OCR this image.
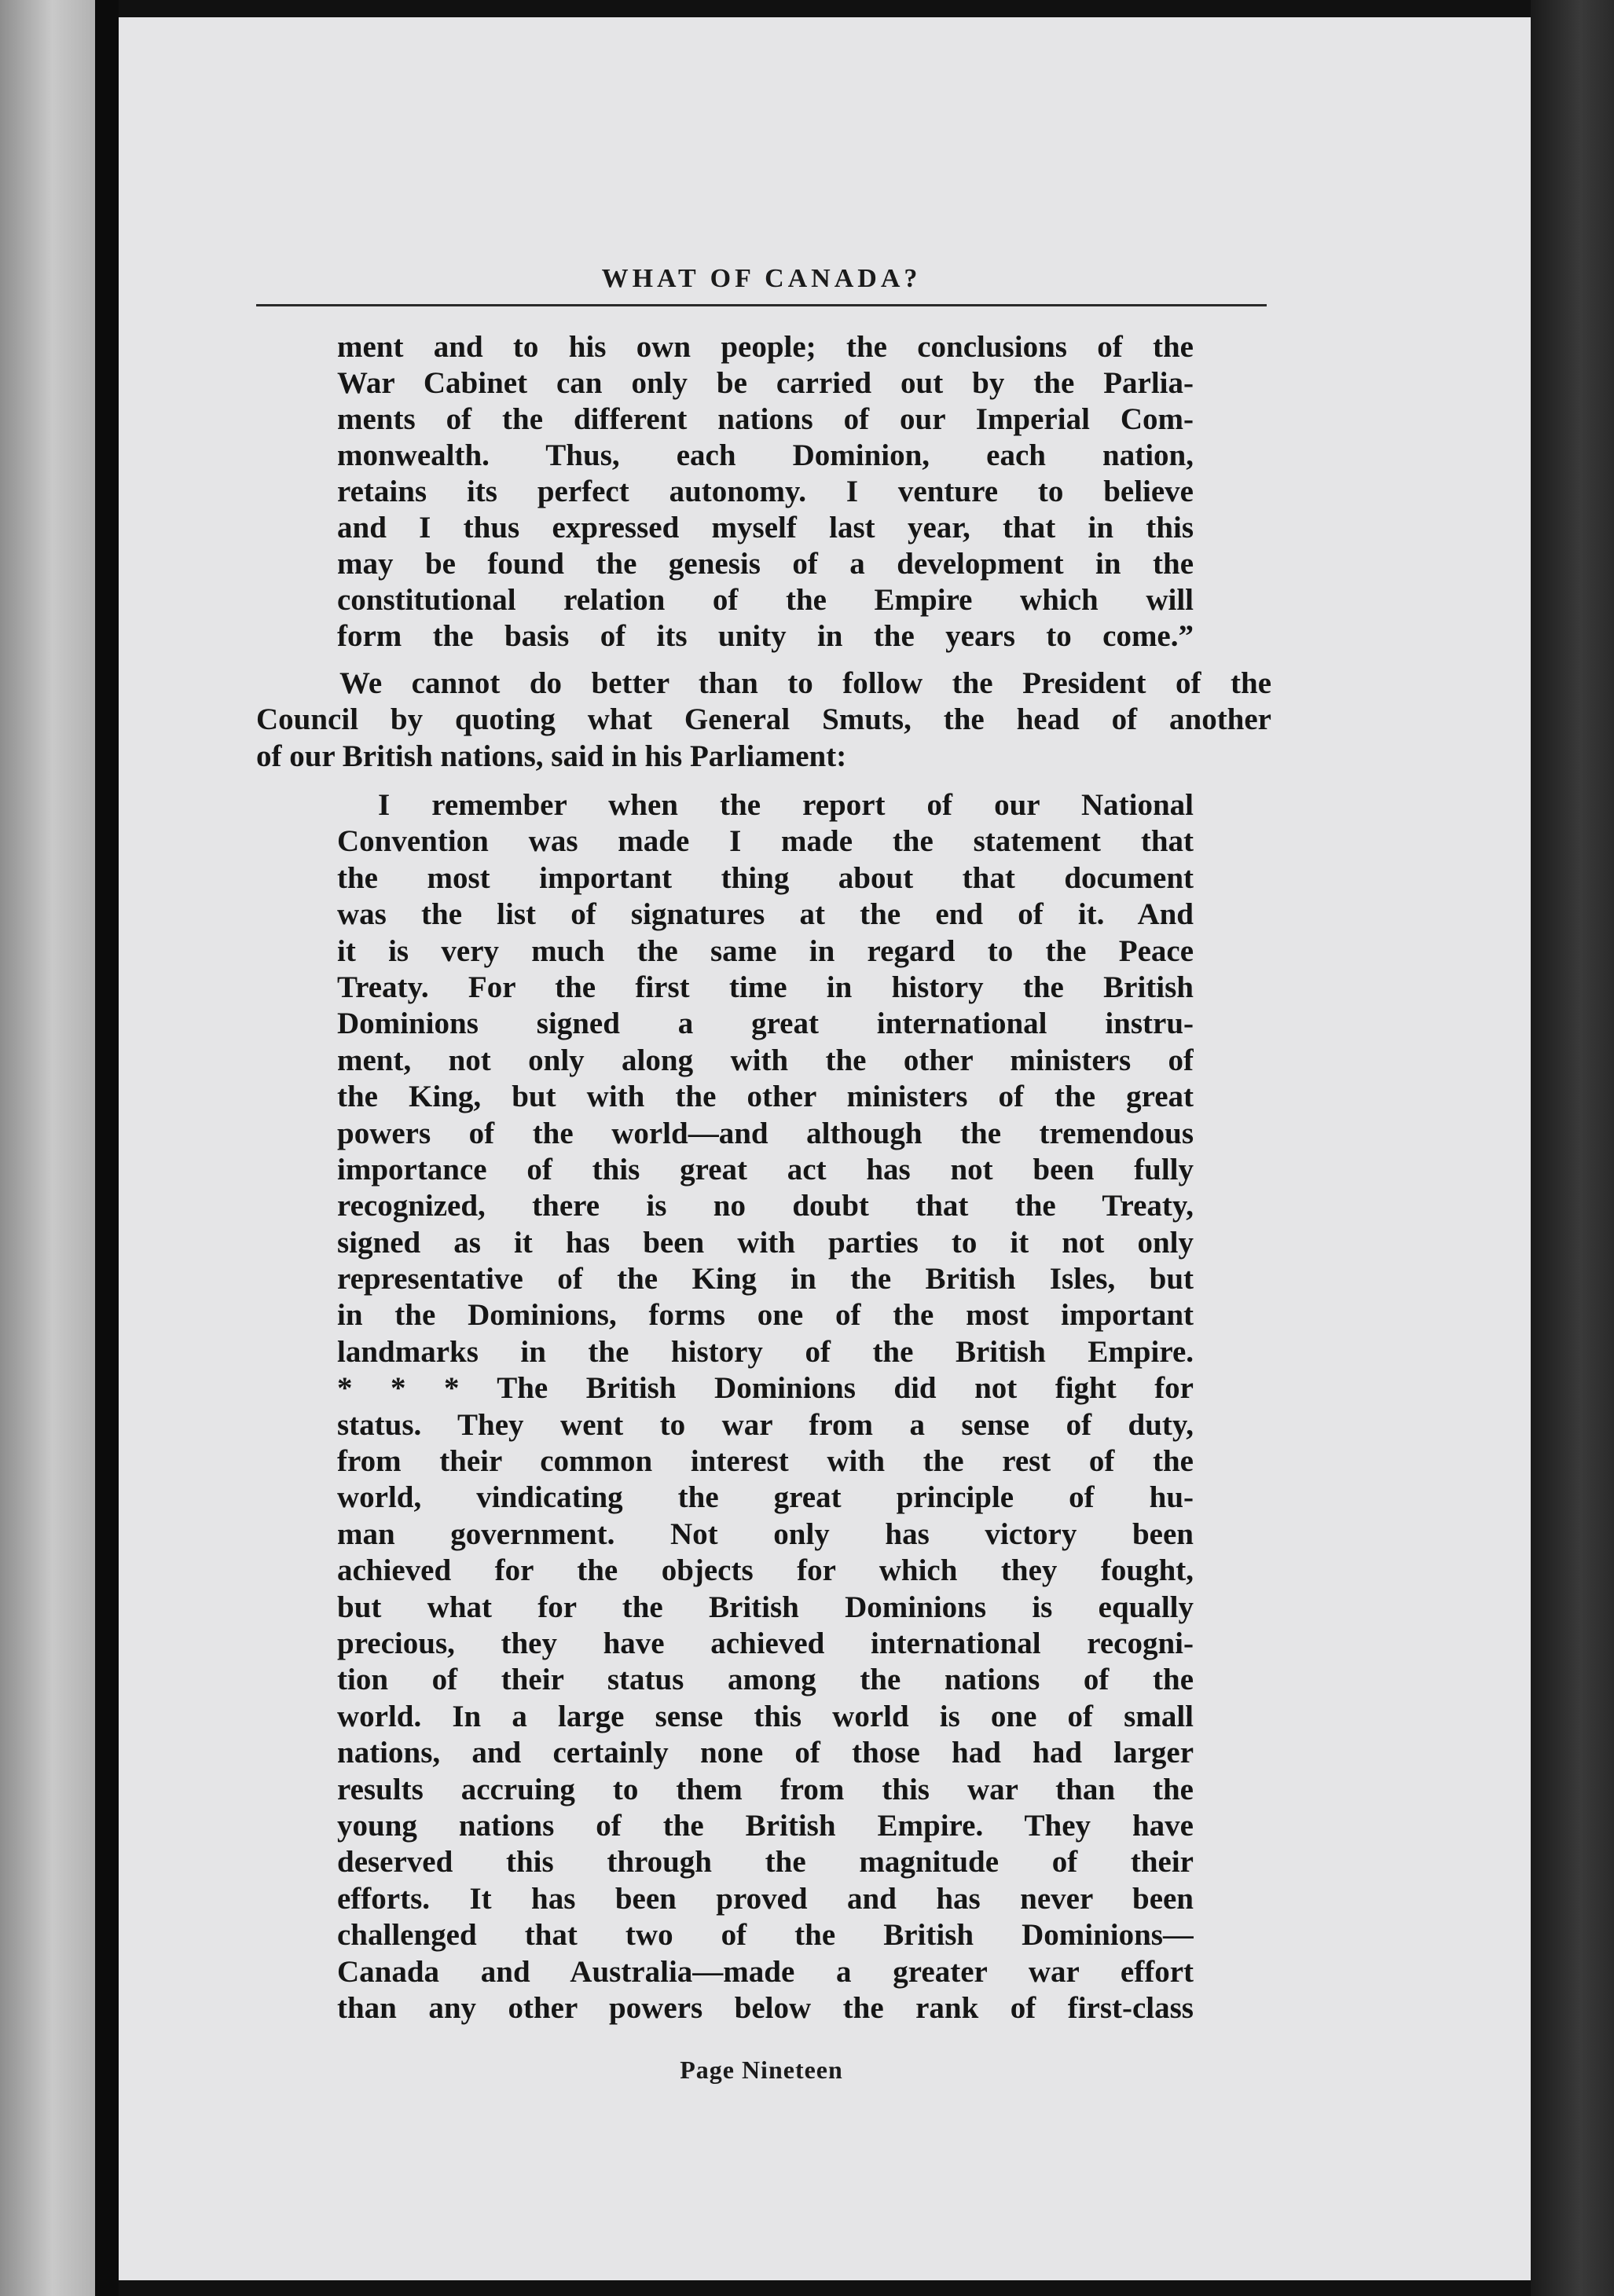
WHAT OF CANADA?
ment and to his own people; the conclusions of the
War Cabinet can only be carried out by the Parlia-
ments of the different nations of our Imperial Com-
monwealth. Thus, each Dominion, each nation,
retains its perfect autonomy. I venture to believe
and I thus expressed myself last year, that in this
may be found the genesis of a development in the
constitutional relation of the Empire which will
form the basis of its unity in the years to come.”
We cannot do better than to follow the President of the
Council by quoting what General Smuts, the head of another
of our British nations, said in his Parliament:
I remember when the report of our National
Convention was made I made the statement that
the most important thing about that document
was the list of signatures at the end of it. And
it is very much the same in regard to the Peace
Treaty. For the first time in history the British
Dominions signed a great international instru-
ment, not only along with the other ministers of
the King, but with the other ministers of the great
powers of the world—and although the tremendous
importance of this great act has not been fully
recognized, there is no doubt that the Treaty,
signed as it has been with parties to it not only
representative of the King in the British Isles, but
in the Dominions, forms one of the most important
landmarks in the history of the British Empire.
* * * The British Dominions did not fight for
status. They went to war from a sense of duty,
from their common interest with the rest of the
world, vindicating the great principle of hu-
man government. Not only has victory been
achieved for the objects for which they fought,
but what for the British Dominions is equally
precious, they have achieved international recogni-
tion of their status among the nations of the
world. In a large sense this world is one of small
nations, and certainly none of those had had larger
results accruing to them from this war than the
young nations of the British Empire. They have
deserved this through the magnitude of their
efforts. It has been proved and has never been
challenged that two of the British Dominions—
Canada and Australia—made a greater war effort
than any other powers below the rank of first-class
Page Nineteen
